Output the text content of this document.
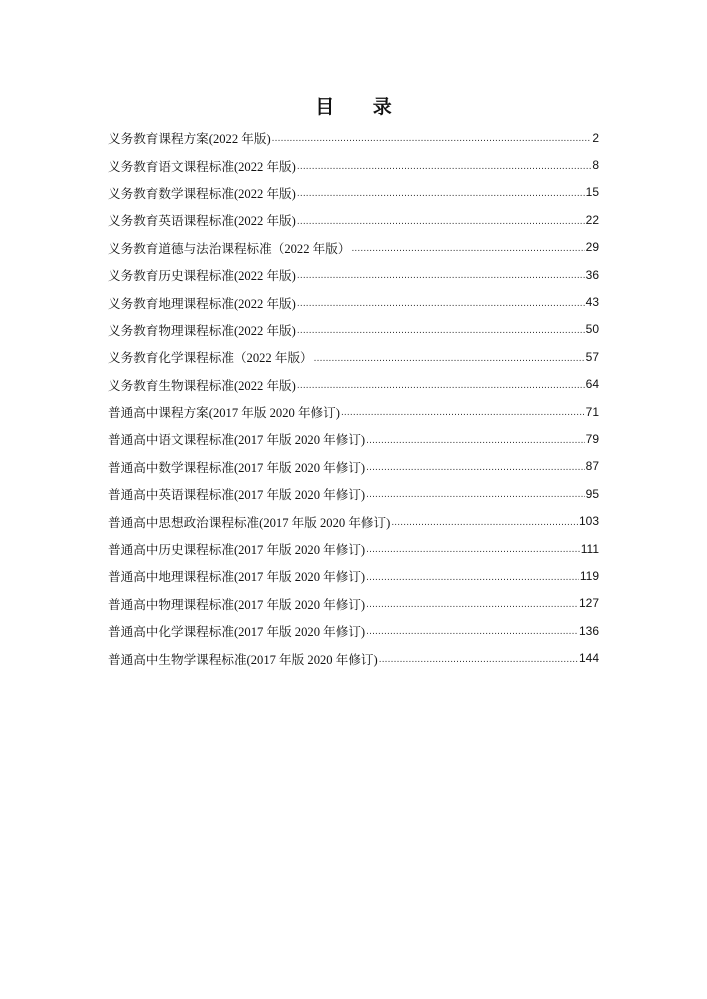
目 录
义务教育课程方案(2022 年版) .....	2
义务教育语文课程标准(2022 年版) .....	8
义务教育数学课程标准(2022 年版) .....	15
义务教育英语课程标准(2022 年版) .....	22
义务教育道德与法治课程标准（2022 年版） .....	29
义务教育历史课程标准(2022 年版) .....	36
义务教育地理课程标准(2022 年版) .....	43
义务教育物理课程标准(2022 年版) .....	50
义务教育化学课程标准（2022 年版） .....	57
义务教育生物课程标准(2022 年版) .....	64
普通高中课程方案(2017 年版 2020 年修订) .....	71
普通高中语文课程标准(2017 年版 2020 年修订) .....	79
普通高中数学课程标准(2017 年版 2020 年修订) .....	87
普通高中英语课程标准(2017 年版 2020 年修订) .....	95
普通高中思想政治课程标准(2017 年版 2020 年修订) .....	103
普通高中历史课程标准(2017 年版 2020 年修订) .....	111
普通高中地理课程标准(2017 年版 2020 年修订) .....	119
普通高中物理课程标准(2017 年版 2020 年修订) .....	127
普通高中化学课程标准(2017 年版 2020 年修订) .....	136
普通高中生物学课程标准(2017 年版 2020 年修订) .....	144
